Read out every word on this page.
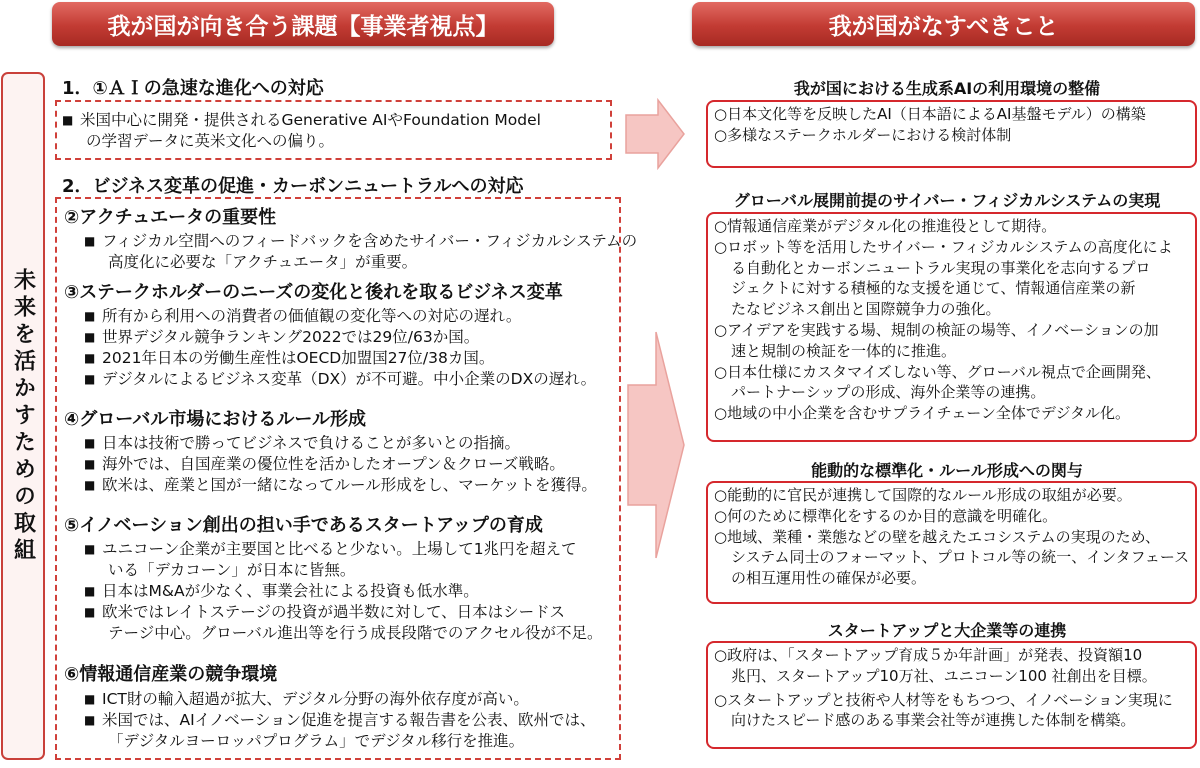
我が国が向き合う課題【事業者視点】	我が国がなすべきこと
未来を活かすための取組
1．①ＡＩの急速な進化への対応
■ 米国中心に開発・提供されるGenerative AIやFoundation Model
の学習データに英米文化への偏り。
2．ビジネス変革の促進・カーボンニュートラルへの対応
②アクチュエータの重要性
■ フィジカル空間へのフィードバックを含めたサイバー・フィジカルシステムの
高度化に必要な「アクチュエータ」が重要。
③ステークホルダーのニーズの変化と後れを取るビジネス変革
■ 所有から利用への消費者の価値観の変化等への対応の遅れ。
■ 世界デジタル競争ランキング2022では29位/63か国。
■ 2021年日本の労働生産性はOECD加盟国27位/38カ国。
■ デジタルによるビジネス変革（DX）が不可避。中小企業のDXの遅れ。
④グローバル市場におけるルール形成
■ 日本は技術で勝ってビジネスで負けることが多いとの指摘。
■ 海外では、自国産業の優位性を活かしたオープン＆クローズ戦略。
■ 欧米は、産業と国が一緒になってルール形成をし、マーケットを獲得。
⑤イノベーション創出の担い手であるスタートアップの育成
■ ユニコーン企業が主要国と比べると少ない。上場して1兆円を超えて
いる「デカコーン」が日本に皆無。
■ 日本はM&Aが少なく、事業会社による投資も低水準。
■ 欧米ではレイトステージの投資が過半数に対して、日本はシードス
テージ中心。グローバル進出等を行う成長段階でのアクセル役が不足。
⑥情報通信産業の競争環境
■ ICT財の輸入超過が拡大、デジタル分野の海外依存度が高い。
■ 米国では、AIイノベーション促進を提言する報告書を公表、欧州では、
「デジタルヨーロッパプログラム」でデジタル移行を推進。
我が国における生成系AIの利用環境の整備
○日本文化等を反映したAI（日本語によるAI基盤モデル）の構築
○多様なステークホルダーにおける検討体制
グローバル展開前提のサイバー・フィジカルシステムの実現
○情報通信産業がデジタル化の推進役として期待。
○ロボット等を活用したサイバー・フィジカルシステムの高度化によ
る自動化とカーボンニュートラル実現の事業化を志向するプロ
ジェクトに対する積極的な支援を通じて、情報通信産業の新
たなビジネス創出と国際競争力の強化。
○アイデアを実践する場、規制の検証の場等、イノベーションの加
速と規制の検証を一体的に推進。
○日本仕様にカスタマイズしない等、グローバル視点で企画開発、
パートナーシップの形成、海外企業等の連携。
○地域の中小企業を含むサプライチェーン全体でデジタル化。
能動的な標準化・ルール形成への関与
○能動的に官民が連携して国際的なルール形成の取組が必要。
○何のために標準化をするのか目的意識を明確化。
○地域、業種・業態などの壁を越えたエコシステムの実現のため、
システム同士のフォーマット、プロトコル等の統一、インタフェース
の相互運用性の確保が必要。
スタートアップと大企業等の連携
○政府は、「スタートアップ育成５か年計画」が発表、投資額10
兆円、スタートアップ10万社、ユニコーン100 社創出を目標。
○スタートアップと技術や人材等をもちつつ、イノベーション実現に
向けたスピード感のある事業会社等が連携した体制を構築。
